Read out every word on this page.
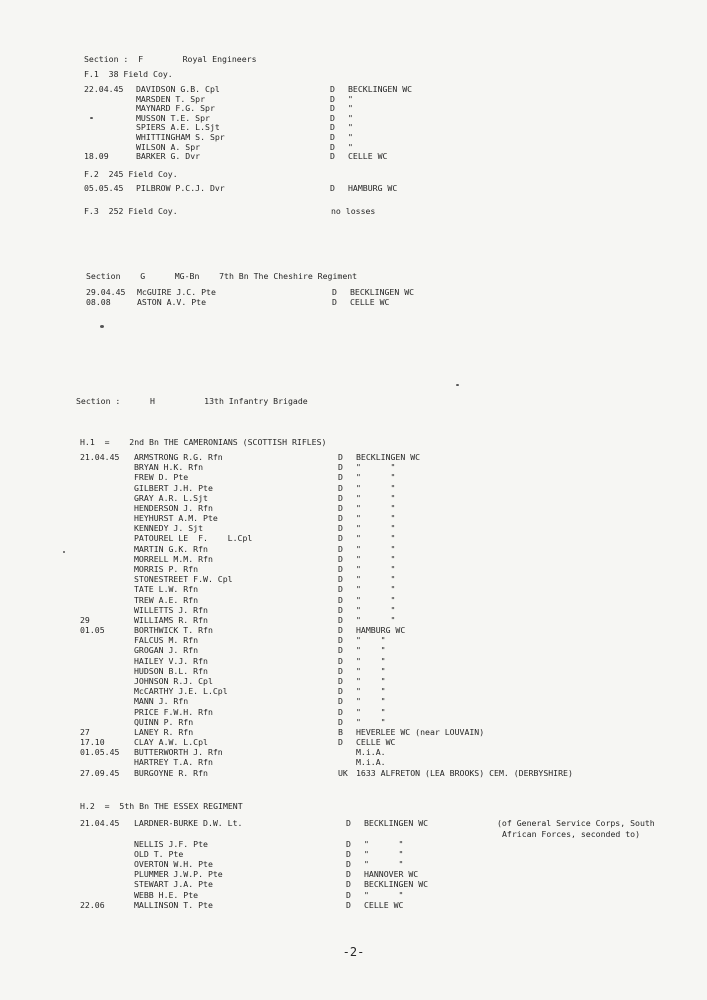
Section :  F        Royal Engineers
F.1  38 Field Coy.
22.04.45 DAVIDSON G.B. Cpl	D BECKLINGEN WC
MARSDEN T. Spr	D "
MAYNARD F.G. Spr	D "
MUSSON T.E. Spr	D "
SPIERS A.E. L.Sjt	D "
WHITTINGHAM S. Spr	D "
WILSON A. Spr	D "
18.09	BARKER G. Dvr	D CELLE WC
F.2  245 Field Coy.
05.05.45 PILBROW P.C.J. Dvr	D HAMBURG WC
F.3  252 Field Coy.	no losses
Section    G      MG-Bn    7th Bn The Cheshire Regiment
29.04.45 McGUIRE J.C. Pte	D BECKLINGEN WC
08.08	ASTON A.V. Pte	D CELLE WC
Section :      H          13th Infantry Brigade
H.1  =    2nd Bn THE CAMERONIANS (SCOTTISH RIFLES)
21.04.45 ARMSTRONG R.G. Rfn	D BECKLINGEN WC
BRYAN H.K. Rfn	D "      "
FREW D. Pte	D "      "
GILBERT J.H. Pte	D "      "
GRAY A.R. L.Sjt	D "      "
HENDERSON J. Rfn	D "      "
HEYHURST A.M. Pte	D "      "
KENNEDY J. Sjt	D "      "
PATOUREL LE  F.    L.Cpl	D "      "
MARTIN G.K. Rfn	D "      "
MORRELL M.M. Rfn	D "      "
MORRIS P. Rfn	D "      "
STONESTREET F.W. Cpl	D "      "
TATE L.W. Rfn	D "      "
TREW A.E. Rfn	D "      "
WILLETTS J. Rfn	D "      "
29	WILLIAMS R. Rfn	D "      "
01.05	BORTHWICK T. Rfn	D HAMBURG WC
FALCUS M. Rfn	D "    "
GROGAN J. Rfn	D "    "
HAILEY V.J. Rfn	D "    "
HUDSON B.L. Rfn	D "    "
JOHNSON R.J. Cpl	D "    "
McCARTHY J.E. L.Cpl	D "    "
MANN J. Rfn	D "    "
PRICE F.W.H. Rfn	D "    "
QUINN P. Rfn	D "    "
27	LANEY R. Rfn	B HEVERLEE WC (near LOUVAIN)
17.10	CLAY A.W. L.Cpl	D CELLE WC
01.05.45 BUTTERWORTH J. Rfn	M.i.A.
HARTREY T.A. Rfn	M.i.A.
27.09.45 BURGOYNE R. Rfn	UK 1633 ALFRETON (LEA BROOKS) CEM. (DERBYSHIRE)
H.2  =  5th Bn THE ESSEX REGIMENT
21.04.45 LARDNER-BURKE D.W. Lt.	D BECKLINGEN WC	(of General Service Corps, South
African Forces, seconded to)
NELLIS J.F. Pte	D "      "
OLD T. Pte	D "      "
OVERTON W.H. Pte	D "      "
PLUMMER J.W.P. Pte	D HANNOVER WC
STEWART J.A. Pte	D BECKLINGEN WC
WEBB H.E. Pte	D "      "
22.06	MALLINSON T. Pte	D CELLE WC
-2-
